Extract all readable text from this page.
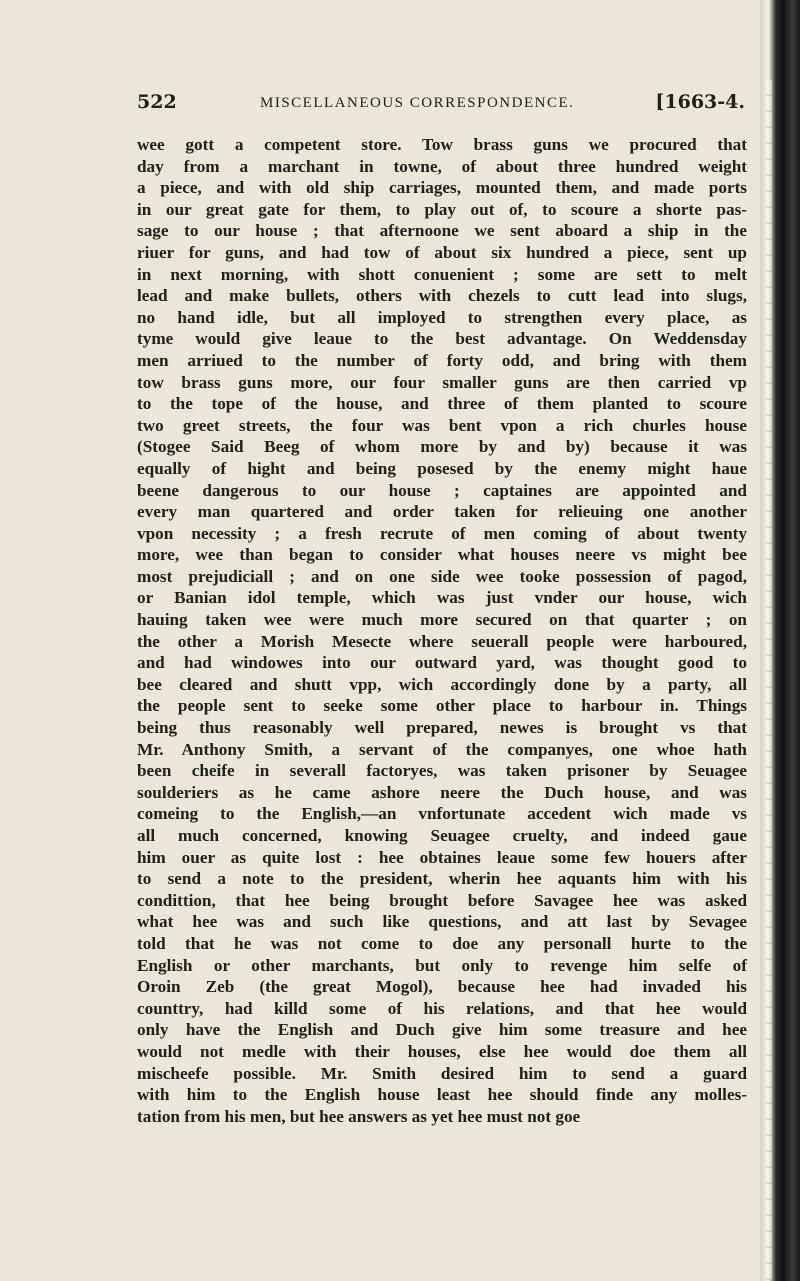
522	MISCELLANEOUS CORRESPONDENCE.	[1663-4.
wee gott a competent store. Tow brass guns we procured that
day from a marchant in towne, of about three hundred weight
a piece, and with old ship carriages, mounted them, and made ports
in our great gate for them, to play out of, to scoure a shorte pas-
sage to our house ; that afternoone we sent aboard a ship in the
riuer for guns, and had tow of about six hundred a piece, sent up
in next morning, with shott conuenient ; some are sett to melt
lead and make bullets, others with chezels to cutt lead into slugs,
no hand idle, but all imployed to strengthen every place, as
tyme would give leaue to the best advantage. On Weddensday
men arriued to the number of forty odd, and bring with them
tow brass guns more, our four smaller guns are then carried vp
to the tope of the house, and three of them planted to scoure
two greet streets, the four was bent vpon a rich churles house
(Stogee Said Beeg of whom more by and by) because it was
equally of hight and being posesed by the enemy might haue
beene dangerous to our house ; captaines are appointed and
every man quartered and order taken for relieuing one another
vpon necessity ; a fresh recrute of men coming of about twenty
more, wee than began to consider what houses neere vs might bee
most prejudiciall ; and on one side wee tooke possession of pagod,
or Banian idol temple, which was just vnder our house, wich
hauing taken wee were much more secured on that quarter ; on
the other a Morish Mesecte where seuerall people were harboured,
and had windowes into our outward yard, was thought good to
bee cleared and shutt vpp, wich accordingly done by a party, all
the people sent to seeke some other place to harbour in. Things
being thus reasonably well prepared, newes is brought vs that
Mr. Anthony Smith, a servant of the companyes, one whoe hath
been cheife in severall factoryes, was taken prisoner by Seuagee
soulderiers as he came ashore neere the Duch house, and was
comeing to the English,—an vnfortunate accedent wich made vs
all much concerned, knowing Seuagee cruelty, and indeed gaue
him ouer as quite lost : hee obtaines leaue some few houers after
to send a note to the president, wherin hee aquants him with his
condittion, that hee being brought before Savagee hee was asked
what hee was and such like questions, and att last by Sevagee
told that he was not come to doe any personall hurte to the
English or other marchants, but only to revenge him selfe of
Oroin Zeb (the great Mogol), because hee had invaded his
counttry, had killd some of his relations, and that hee would
only have the English and Duch give him some treasure and hee
would not medle with their houses, else hee would doe them all
mischeefe possible. Mr. Smith desired him to send a guard
with him to the English house least hee should finde any molles-
tation from his men, but hee answers as yet hee must not goe
